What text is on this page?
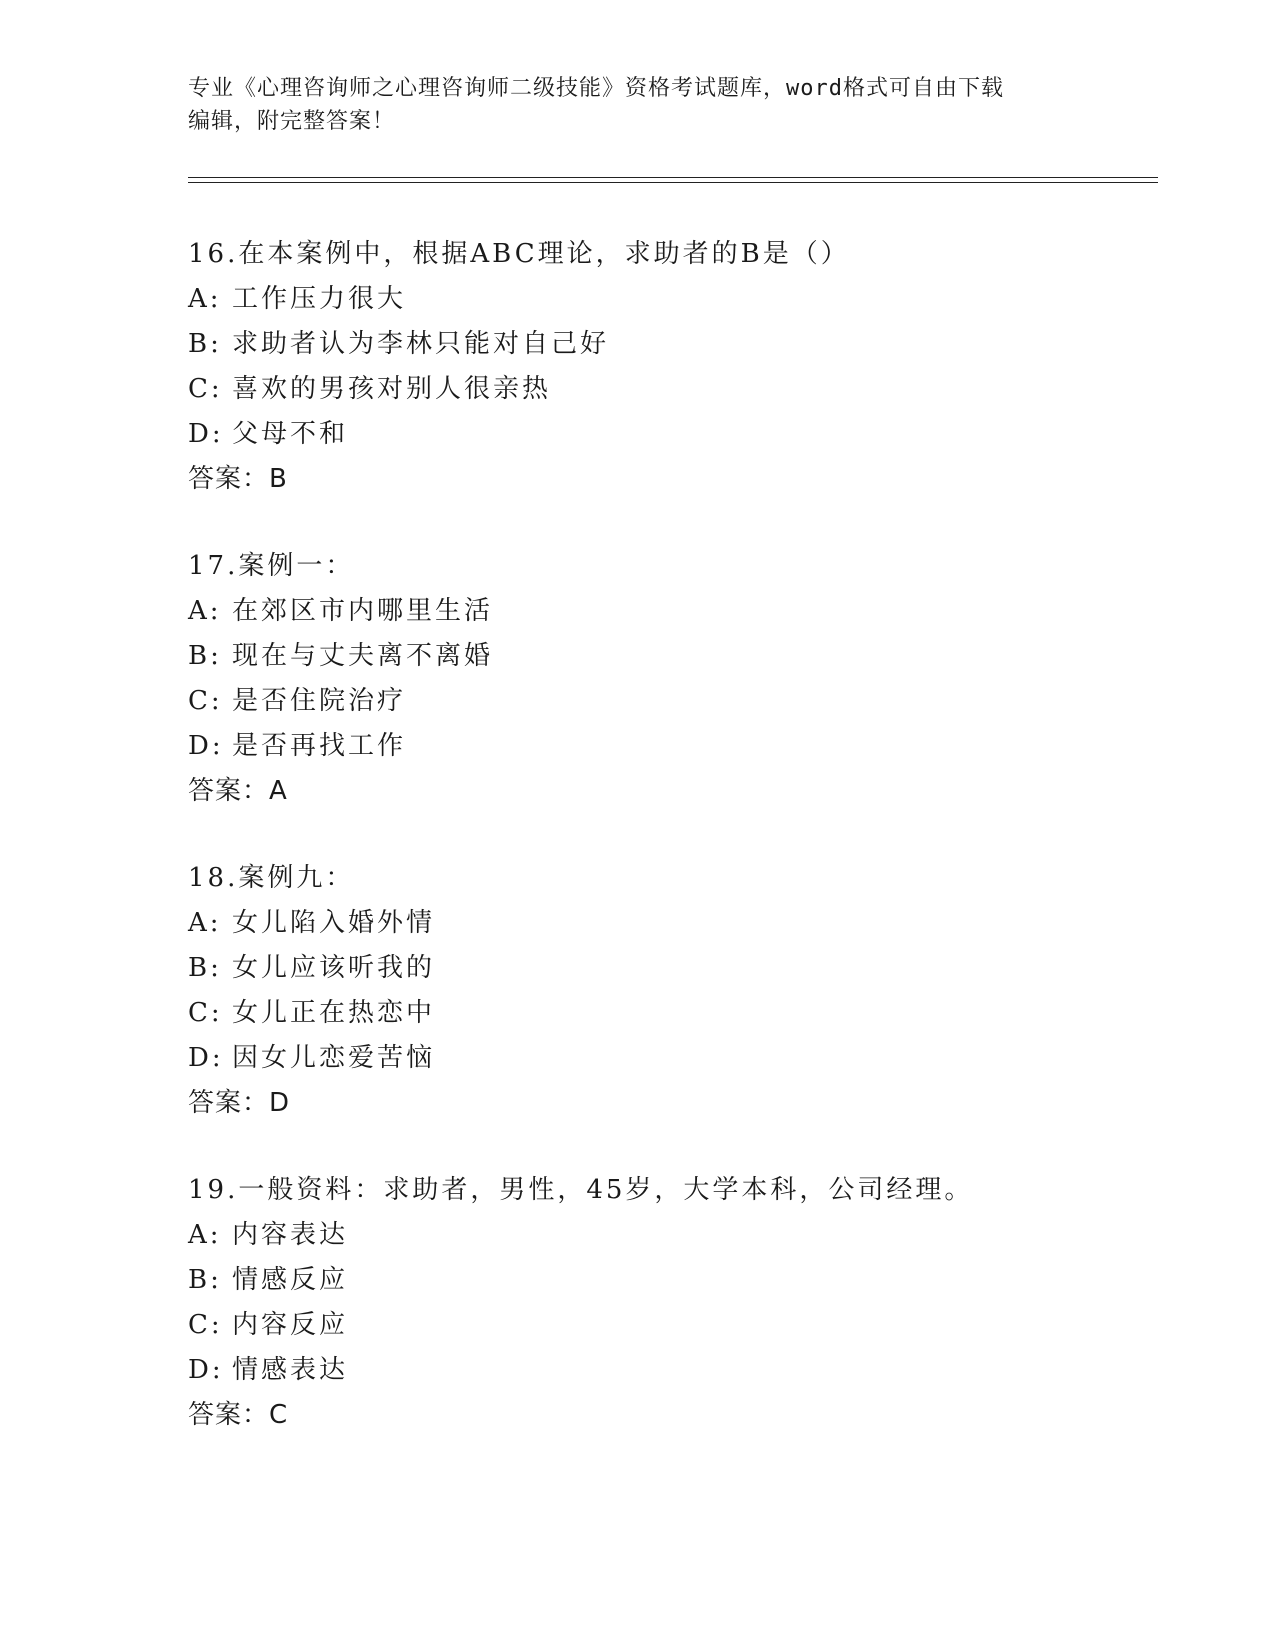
专业《心理咨询师之心理咨询师二级技能》资格考试题库，word格式可自由下载
编辑，附完整答案！
16.在本案例中，根据ABC理论，求助者的B是（）
A: 工作压力很大
B: 求助者认为李林只能对自己好
C: 喜欢的男孩对别人很亲热
D: 父母不和
答案：B
17.案例一：
A: 在郊区市内哪里生活
B: 现在与丈夫离不离婚
C: 是否住院治疗
D: 是否再找工作
答案：A
18.案例九：
A: 女儿陷入婚外情
B: 女儿应该听我的
C: 女儿正在热恋中
D: 因女儿恋爱苦恼
答案：D
19.一般资料：求助者，男性，45岁，大学本科，公司经理。
A: 内容表达
B: 情感反应
C: 内容反应
D: 情感表达
答案：C
